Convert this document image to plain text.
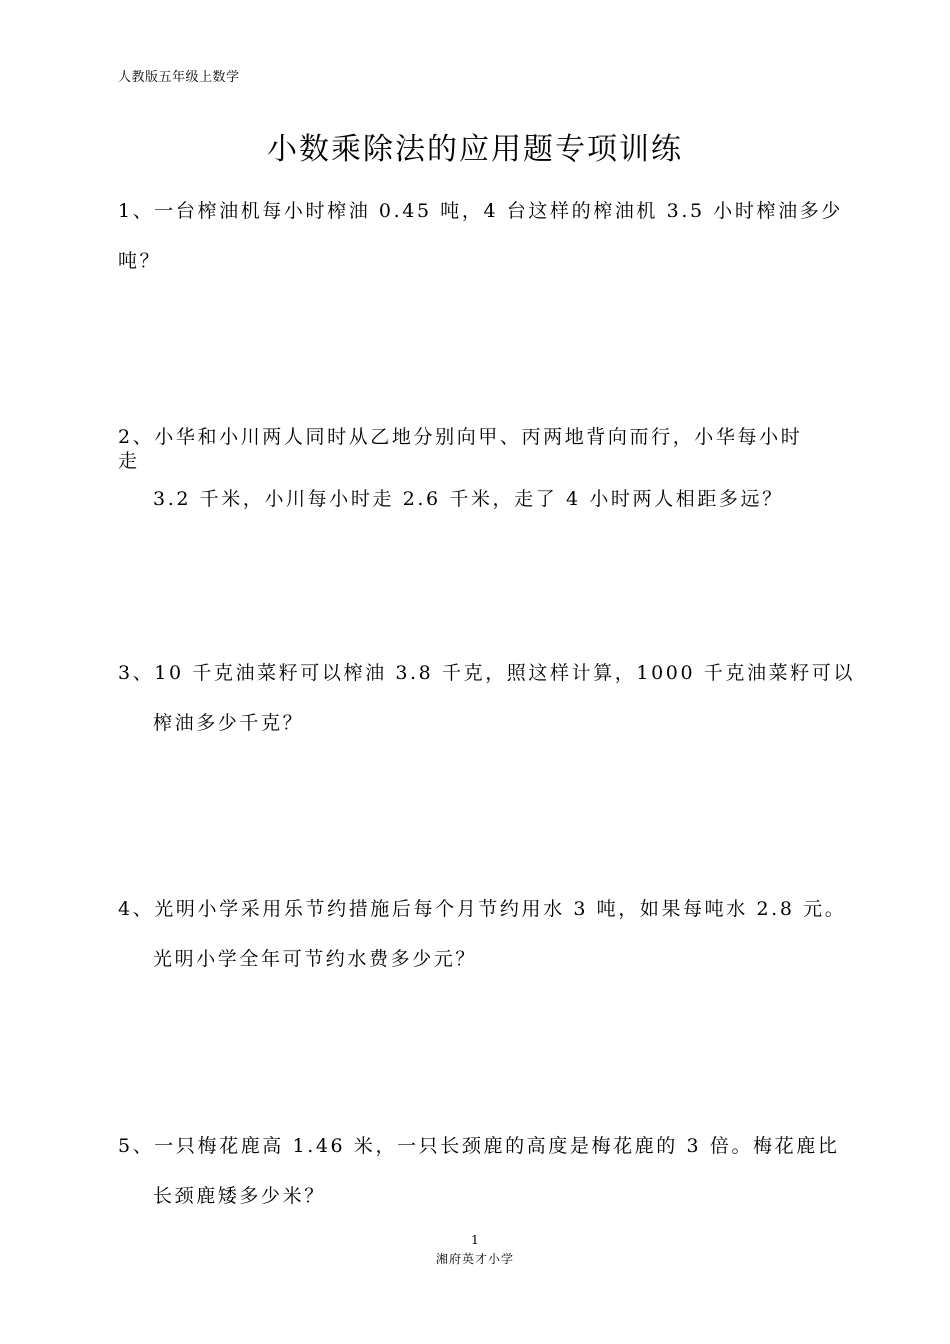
人教版五年级上数学
小数乘除法的应用题专项训练
1、一台榨油机每小时榨油 0.45 吨，4 台这样的榨油机 3.5 小时榨油多少
吨？
2、小华和小川两人同时从乙地分别向甲、丙两地背向而行，小华每小时
走
3.2 千米，小川每小时走 2.6 千米，走了 4 小时两人相距多远？
3、10 千克油菜籽可以榨油 3.8 千克，照这样计算，1000 千克油菜籽可以
榨油多少千克？
4、光明小学采用乐节约措施后每个月节约用水 3 吨，如果每吨水 2.8 元。
光明小学全年可节约水费多少元？
5、一只梅花鹿高 1.46 米，一只长颈鹿的高度是梅花鹿的 3 倍。梅花鹿比
长颈鹿矮多少米？
1
湘府英才小学
